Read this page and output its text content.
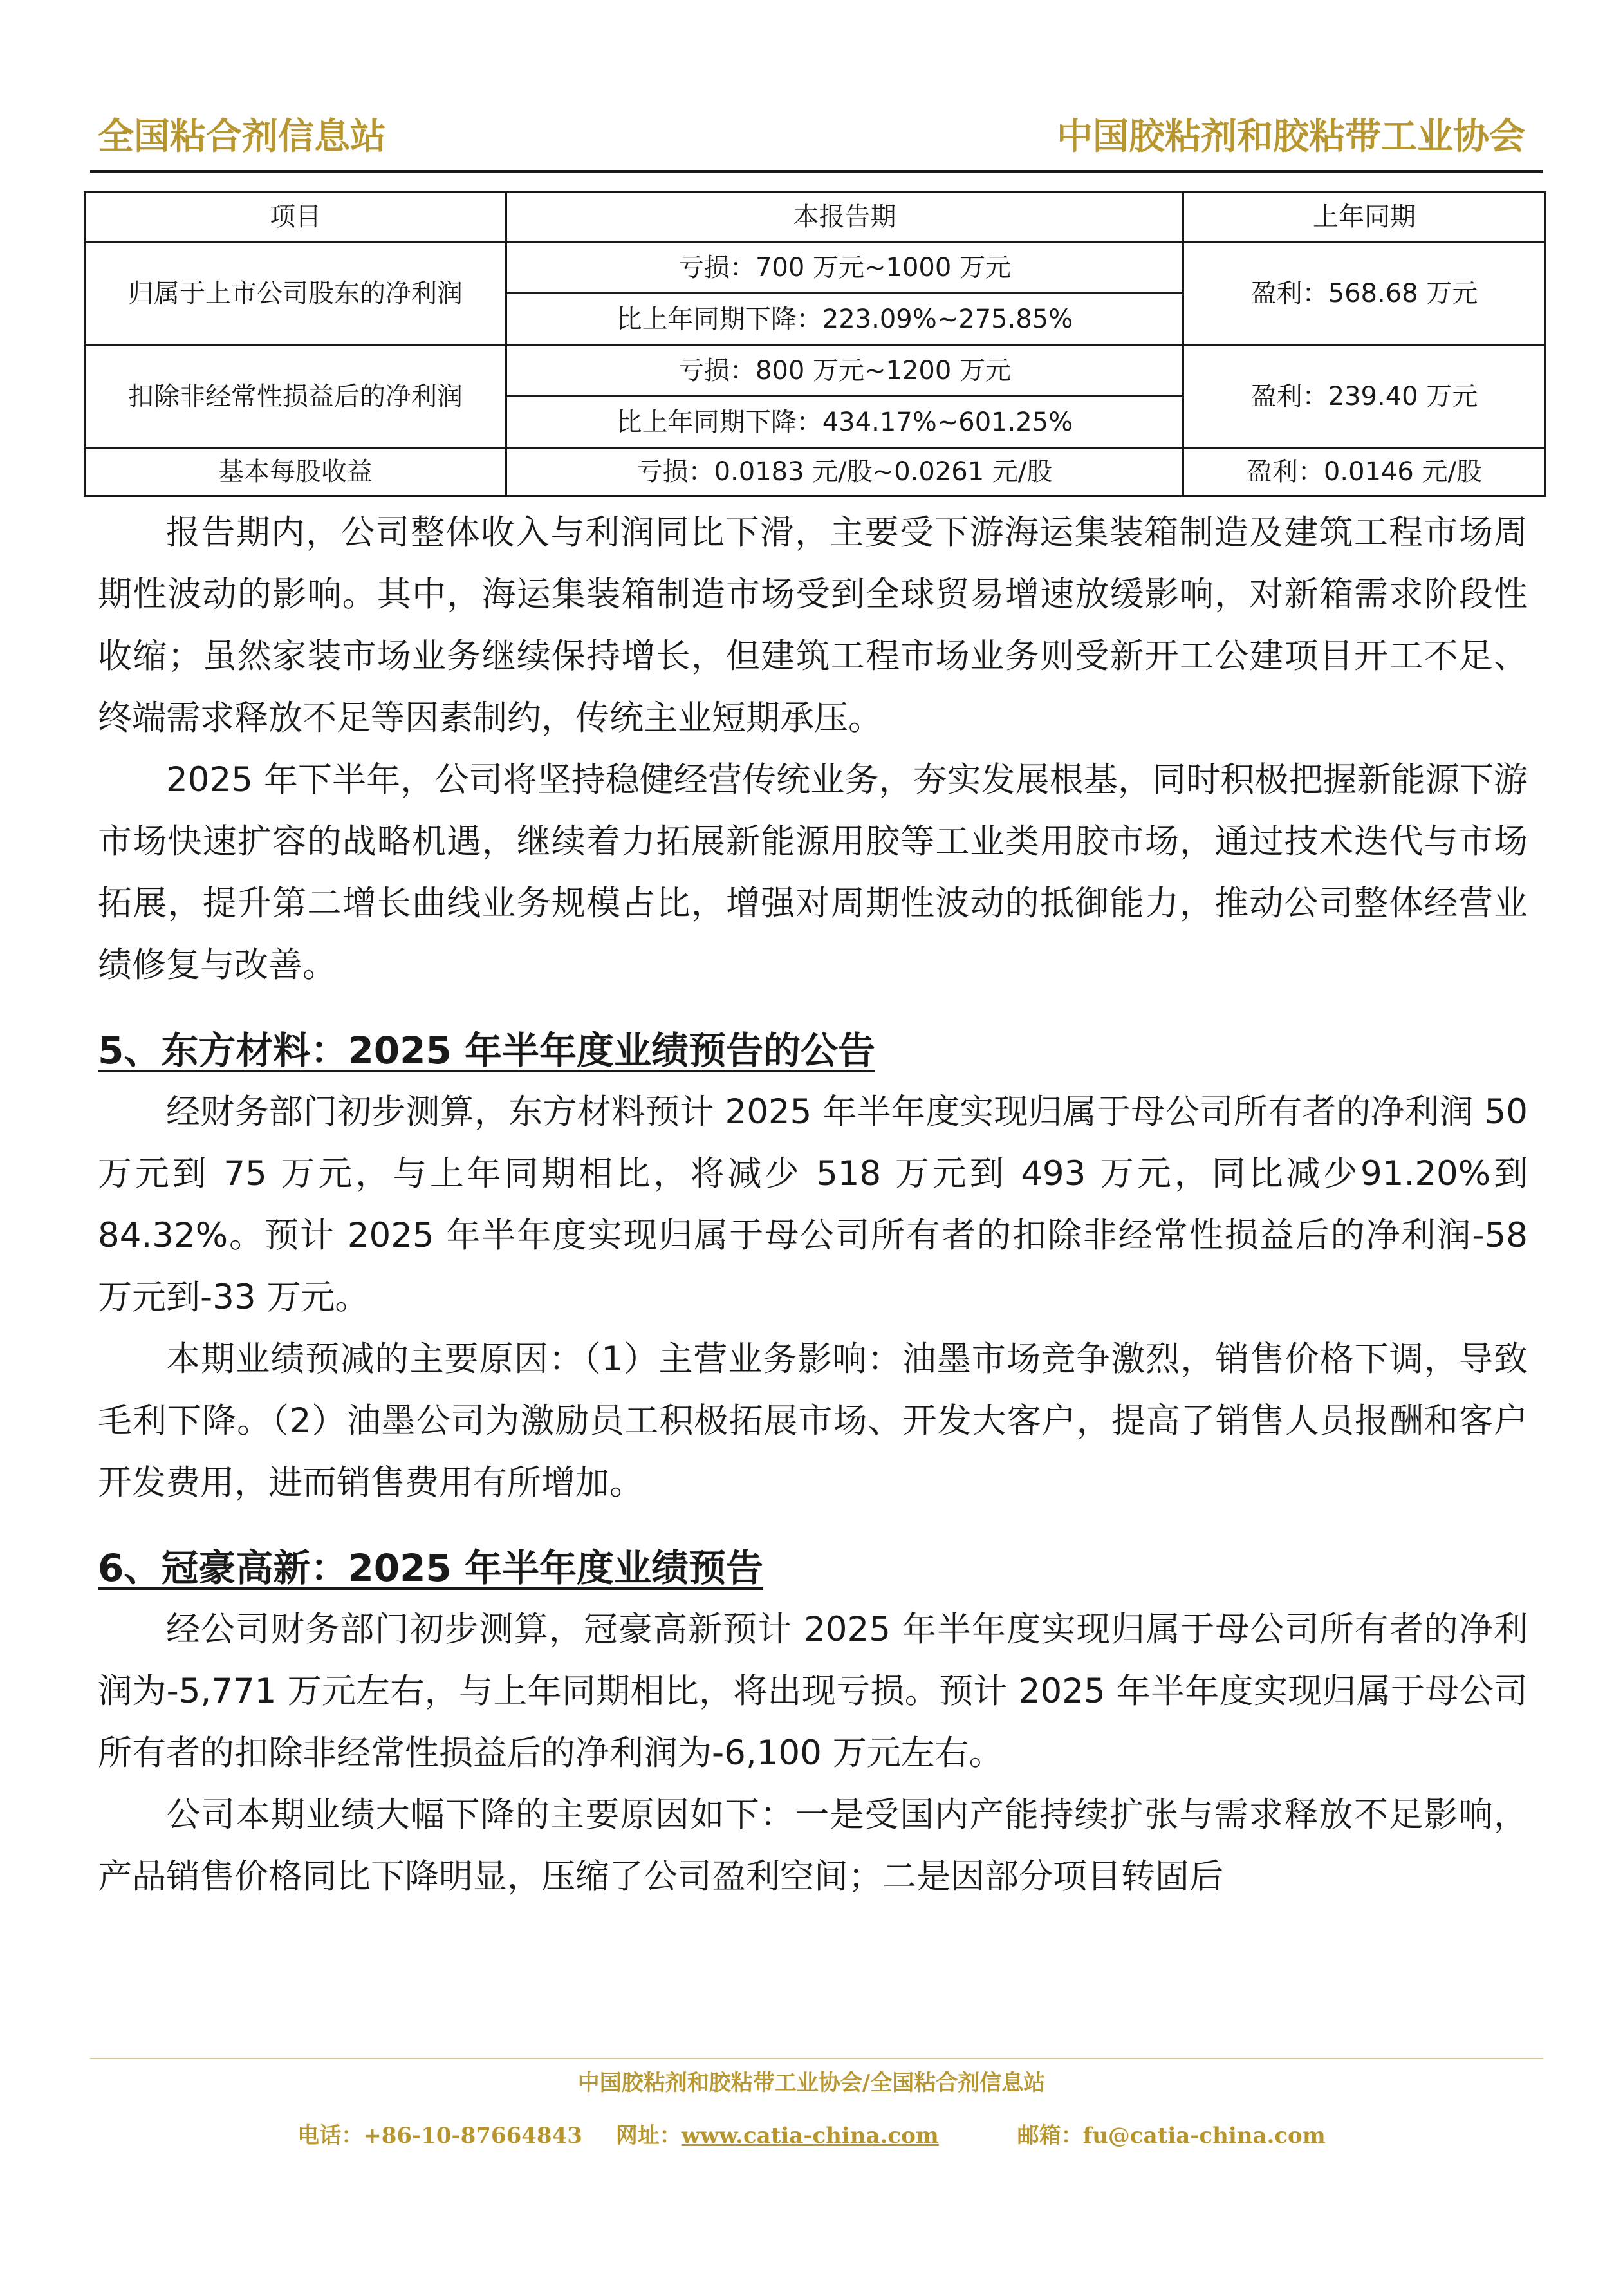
全国粘合剂信息站	中国胶粘剂和胶粘带工业协会
项目	本报告期	上年同期
归属于上市公司股东的净利润	亏损：700 万元~1000 万元	盈利：568.68 万元
	比上年同期下降：223.09%~275.85%	
扣除非经常性损益后的净利润	亏损：800 万元~1200 万元	盈利：239.40 万元
	比上年同期下降：434.17%~601.25%	
基本每股收益	亏损：0.0183 元/股~0.0261 元/股	盈利：0.0146 元/股

报告期内，公司整体收入与利润同比下滑，主要受下游海运集装箱制造及建筑工程市场周期性波动的影响。其中，海运集装箱制造市场受到全球贸易增速放缓影响，对新箱需求阶段性收缩；虽然家装市场业务继续保持增长，但建筑工程市场业务则受新开工公建项目开工不足、终端需求释放不足等因素制约，传统主业短期承压。

2025 年下半年，公司将坚持稳健经营传统业务，夯实发展根基，同时积极把握新能源下游市场快速扩容的战略机遇，继续着力拓展新能源用胶等工业类用胶市场，通过技术迭代与市场拓展，提升第二增长曲线业务规模占比，增强对周期性波动的抵御能力，推动公司整体经营业绩修复与改善。

5、东方材料：2025 年半年度业绩预告的公告

经财务部门初步测算，东方材料预计 2025 年半年度实现归属于母公司所有者的净利润 50 万元到 75 万元，与上年同期相比，将减少 518 万元到 493 万元，同比减少91.20%到 84.32%。预计 2025 年半年度实现归属于母公司所有者的扣除非经常性损益后的净利润-58 万元到-33 万元。

本期业绩预减的主要原因：（1）主营业务影响：油墨市场竞争激烈，销售价格下调，导致毛利下降。（2）油墨公司为激励员工积极拓展市场、开发大客户，提高了销售人员报酬和客户开发费用，进而销售费用有所增加。

6、冠豪高新：2025 年半年度业绩预告

经公司财务部门初步测算，冠豪高新预计 2025 年半年度实现归属于母公司所有者的净利润为-5,771 万元左右，与上年同期相比，将出现亏损。预计 2025 年半年度实现归属于母公司所有者的扣除非经常性损益后的净利润为-6,100 万元左右。

公司本期业绩大幅下降的主要原因如下：一是受国内产能持续扩张与需求释放不足影响，产品销售价格同比下降明显，压缩了公司盈利空间；二是因部分项目转固后

中国胶粘剂和胶粘带工业协会/全国粘合剂信息站
电话：+86-10-87664843 网址：www.catia-china.com	邮箱：fu@catia-china.com
